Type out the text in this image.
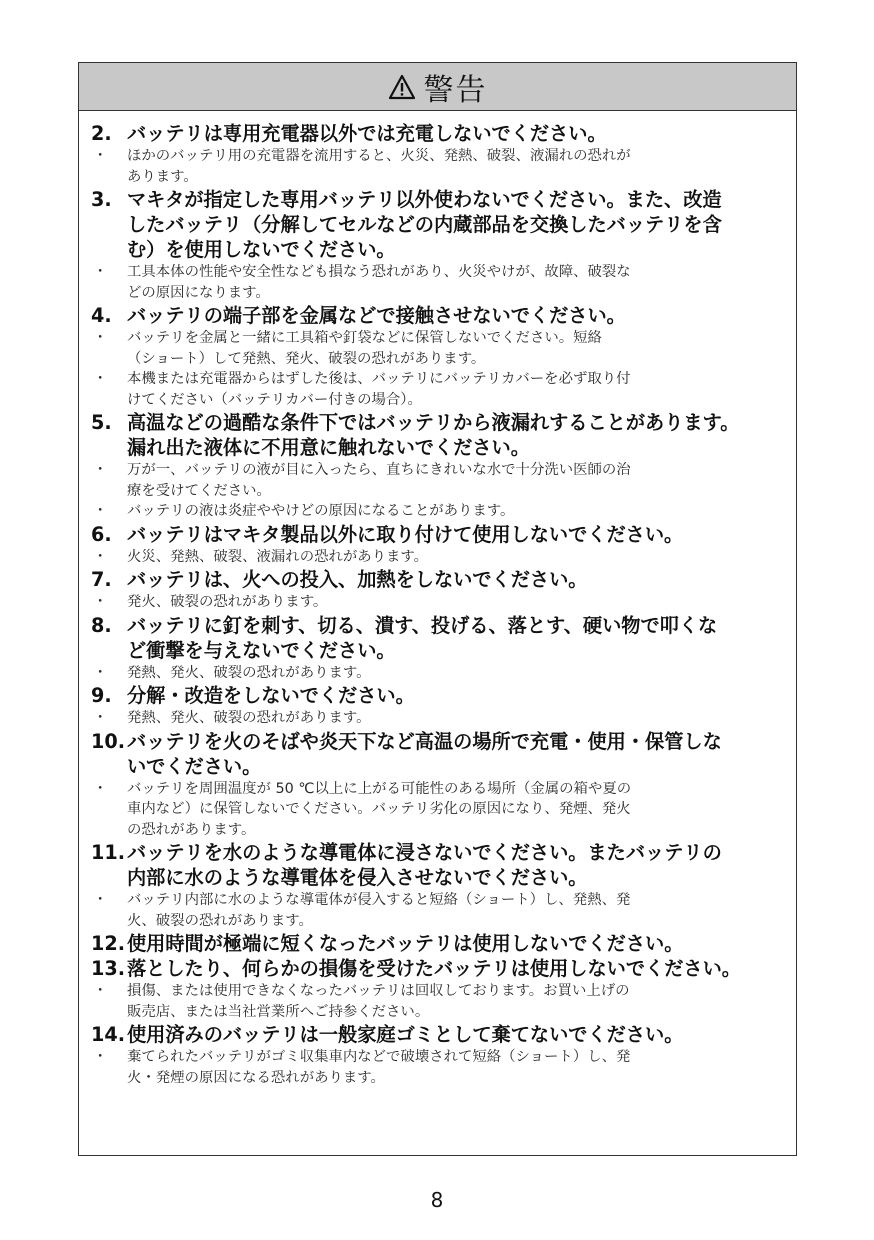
警告
2. バッテリは専用充電器以外では充電しないでください。
・	ほかのバッテリ用の充電器を流用すると、火災、発熱、破裂、液漏れの恐れが
あります。
3. マキタが指定した専用バッテリ以外使わないでください。また、改造
したバッテリ（分解してセルなどの内蔵部品を交換したバッテリを含
む）を使用しないでください。
・	工具本体の性能や安全性なども損なう恐れがあり、火災やけが、故障、破裂な
どの原因になります。
4. バッテリの端子部を金属などで接触させないでください。
・	バッテリを金属と一緒に工具箱や釘袋などに保管しないでください。短絡
（ショート）して発熱、発火、破裂の恐れがあります。
・	本機または充電器からはずした後は、バッテリにバッテリカバーを必ず取り付
けてください（バッテリカバー付きの場合）。
5. 高温などの過酷な条件下ではバッテリから液漏れすることがあります。
漏れ出た液体に不用意に触れないでください。
・	万が一、バッテリの液が目に入ったら、直ちにきれいな水で十分洗い医師の治
療を受けてください。
・	バッテリの液は炎症ややけどの原因になることがあります。
6. バッテリはマキタ製品以外に取り付けて使用しないでください。
・	火災、発熱、破裂、液漏れの恐れがあります。
7. バッテリは、火への投入、加熱をしないでください。
・	発火、破裂の恐れがあります。
8. バッテリに釘を刺す、切る、潰す、投げる、落とす、硬い物で叩くな
ど衝撃を与えないでください。
・	発熱、発火、破裂の恐れがあります。
9. 分解・改造をしないでください。
・	発熱、発火、破裂の恐れがあります。
10. バッテリを火のそばや炎天下など高温の場所で充電・使用・保管しな
いでください。
・	バッテリを周囲温度が 50 ℃以上に上がる可能性のある場所（金属の箱や夏の
車内など）に保管しないでください。バッテリ劣化の原因になり、発煙、発火
の恐れがあります。
11. バッテリを水のような導電体に浸さないでください。またバッテリの
内部に水のような導電体を侵入させないでください。
・	バッテリ内部に水のような導電体が侵入すると短絡（ショート）し、発熱、発
火、破裂の恐れがあります。
12. 使用時間が極端に短くなったバッテリは使用しないでください。
13. 落としたり、何らかの損傷を受けたバッテリは使用しないでください。
・	損傷、または使用できなくなったバッテリは回収しております。お買い上げの
販売店、または当社営業所へご持参ください。
14. 使用済みのバッテリは一般家庭ゴミとして棄てないでください。
・	棄てられたバッテリがゴミ収集車内などで破壊されて短絡（ショート）し、発
火・発煙の原因になる恐れがあります。
8
